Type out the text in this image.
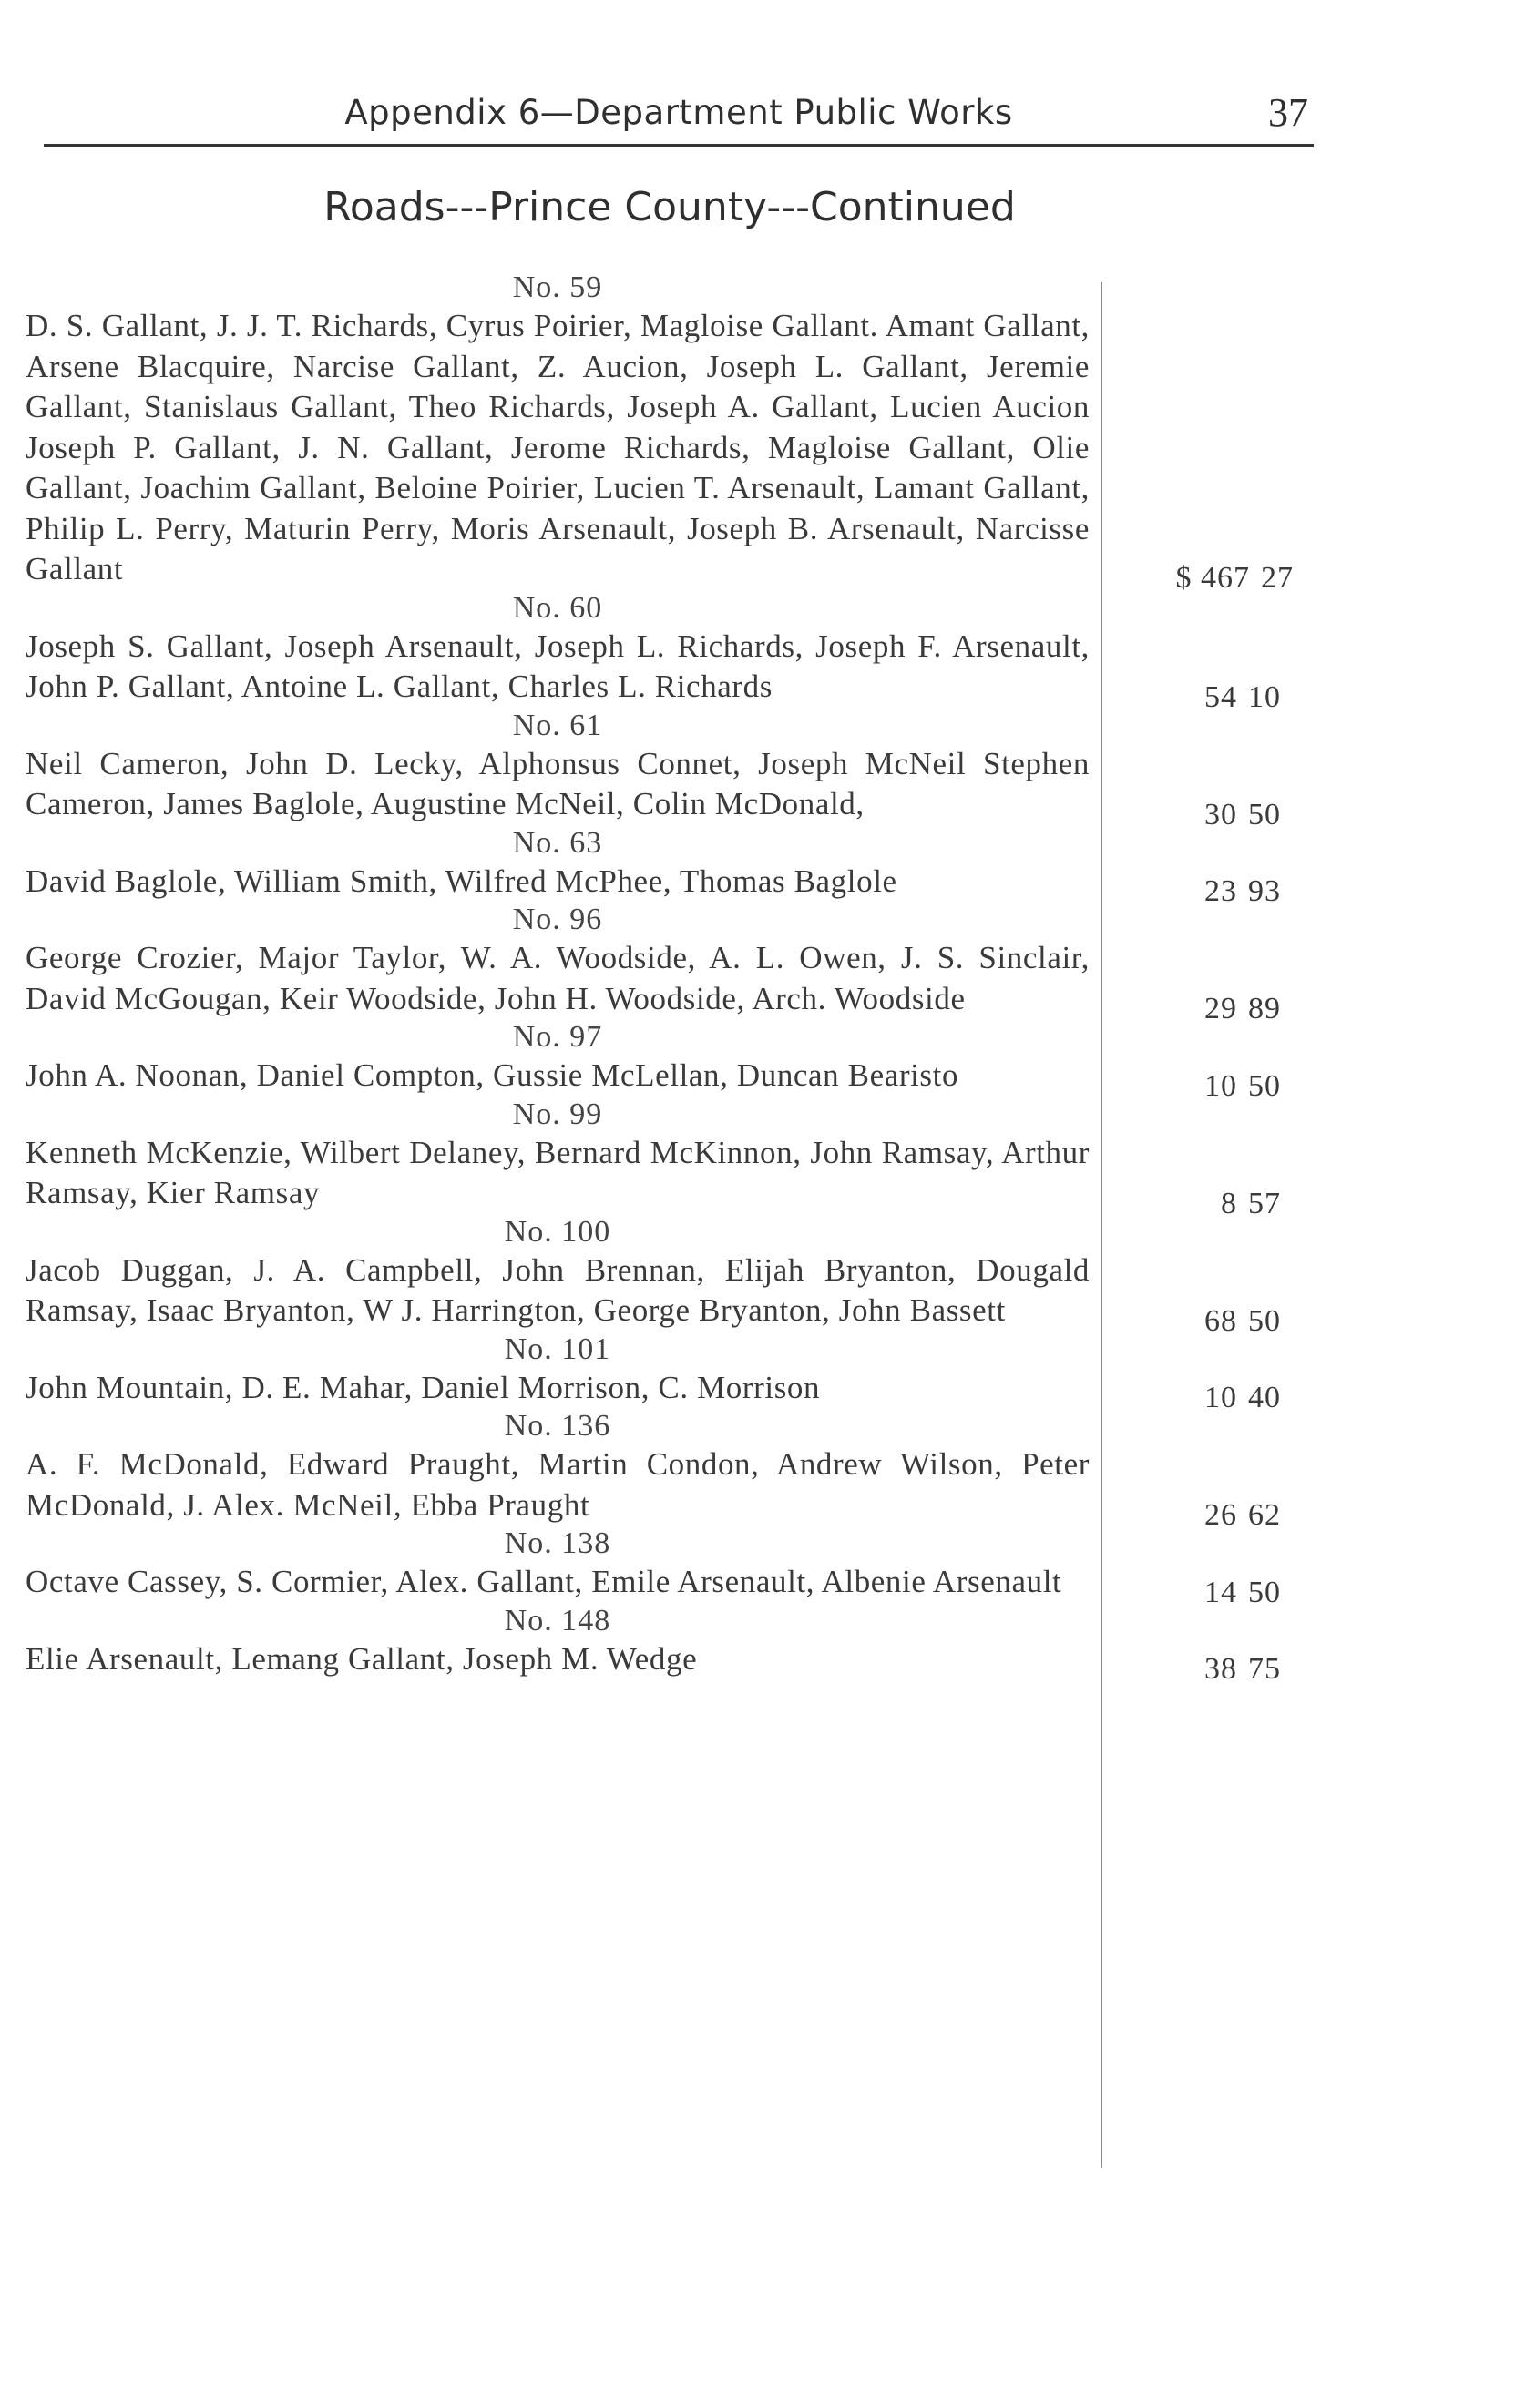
Appendix 6—Department Public Works	37
Roads---Prince County---Continued
No. 59
D. S. Gallant, J. J. T. Richards, Cyrus Poirier, Magloise Gallant. Amant Gallant, Arsene Blacquire, Narcise Gallant, Z. Aucion, Joseph L. Gallant, Jeremie Gallant, Stanislaus Gallant, Theo Richards, Joseph A. Gallant, Lucien Aucion Joseph P. Gallant, J. N. Gallant, Jerome Richards, Magloise Gallant, Olie Gallant, Joachim Gallant, Beloine Poirier, Lucien T. Arsenault, Lamant Gallant, Philip L. Perry, Maturin Perry, Moris Arsenault, Joseph B. Arsenault, Narcisse Gallant	$ 467 27
No. 60
Joseph S. Gallant, Joseph Arsenault, Joseph L. Richards, Joseph F. Arsenault, John P. Gallant, Antoine L. Gallant, Charles L. Richards	54 10
No. 61
Neil Cameron, John D. Lecky, Alphonsus Connet, Joseph McNeil Stephen Cameron, James Baglole, Augustine McNeil, Colin McDonald,	30 50
No. 63
David Baglole, William Smith, Wilfred McPhee, Thomas Baglole	23 93
No. 96
George Crozier, Major Taylor, W. A. Woodside, A. L. Owen, J. S. Sinclair, David McGougan, Keir Woodside, John H. Woodside, Arch. Woodside	29 89
No. 97
John A. Noonan, Daniel Compton, Gussie McLellan, Duncan Bearisto	10 50
No. 99
Kenneth McKenzie, Wilbert Delaney, Bernard McKinnon, John Ramsay, Arthur Ramsay, Kier Ramsay	8 57
No. 100
Jacob Duggan, J. A. Campbell, John Brennan, Elijah Bryanton, Dougald Ramsay, Isaac Bryanton, W J. Harrington, George Bryanton, John Bassett	68 50
No. 101
John Mountain, D. E. Mahar, Daniel Morrison, C. Morrison	10 40
No. 136
A. F. McDonald, Edward Praught, Martin Condon, Andrew Wilson, Peter McDonald, J. Alex. McNeil, Ebba Praught	26 62
No. 138
Octave Cassey, S. Cormier, Alex. Gallant, Emile Arsenault, Albenie Arsenault	14 50
No. 148
Elie Arsenault, Lemang Gallant, Joseph M. Wedge	38 75
